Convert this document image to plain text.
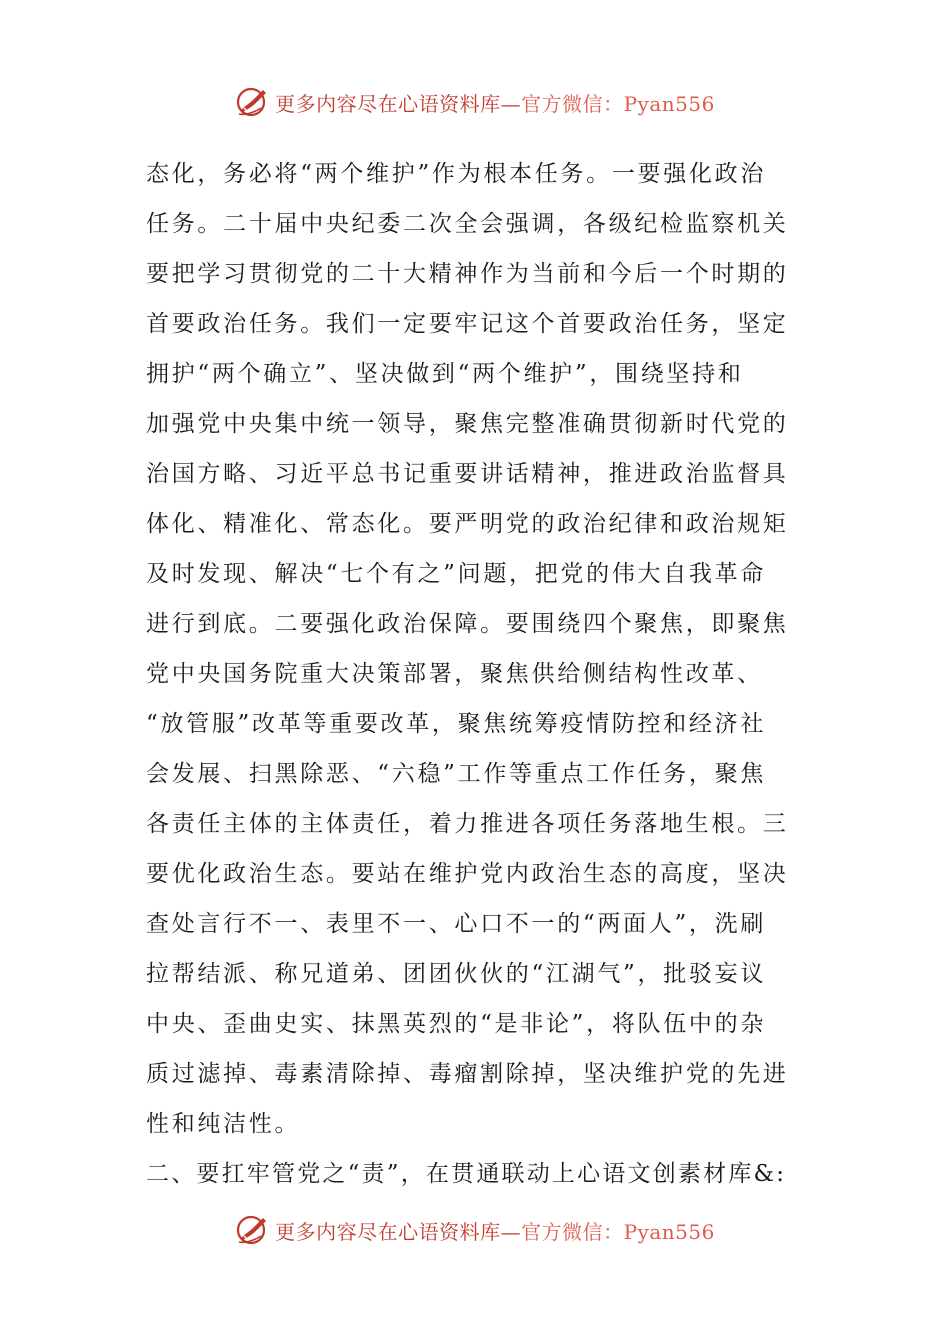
更多内容尽在心语资料库—官方微信：Pyan556
态化，务必将“两个维护”作为根本任务。一要强化政治
任务。二十届中央纪委二次全会强调，各级纪检监察机关
要把学习贯彻党的二十大精神作为当前和今后一个时期的
首要政治任务。我们一定要牢记这个首要政治任务，坚定
拥护“两个确立”、坚决做到“两个维护”，围绕坚持和
加强党中央集中统一领导，聚焦完整准确贯彻新时代党的
治国方略、习近平总书记重要讲话精神，推进政治监督具
体化、精准化、常态化。要严明党的政治纪律和政治规矩
及时发现、解决“七个有之”问题，把党的伟大自我革命
进行到底。二要强化政治保障。要围绕四个聚焦，即聚焦
党中央国务院重大决策部署，聚焦供给侧结构性改革、
“放管服”改革等重要改革，聚焦统筹疫情防控和经济社
会发展、扫黑除恶、“六稳”工作等重点工作任务，聚焦
各责任主体的主体责任，着力推进各项任务落地生根。三
要优化政治生态。要站在维护党内政治生态的高度，坚决
查处言行不一、表里不一、心口不一的“两面人”，洗刷
拉帮结派、称兄道弟、团团伙伙的“江湖气”，批驳妄议
中央、歪曲史实、抹黑英烈的“是非论”，将队伍中的杂
质过滤掉、毒素清除掉、毒瘤割除掉，坚决维护党的先进
性和纯洁性。
二、要扛牢管党之“责”，在贯通联动上心语文创素材库&:
更多内容尽在心语资料库—官方微信：Pyan556
